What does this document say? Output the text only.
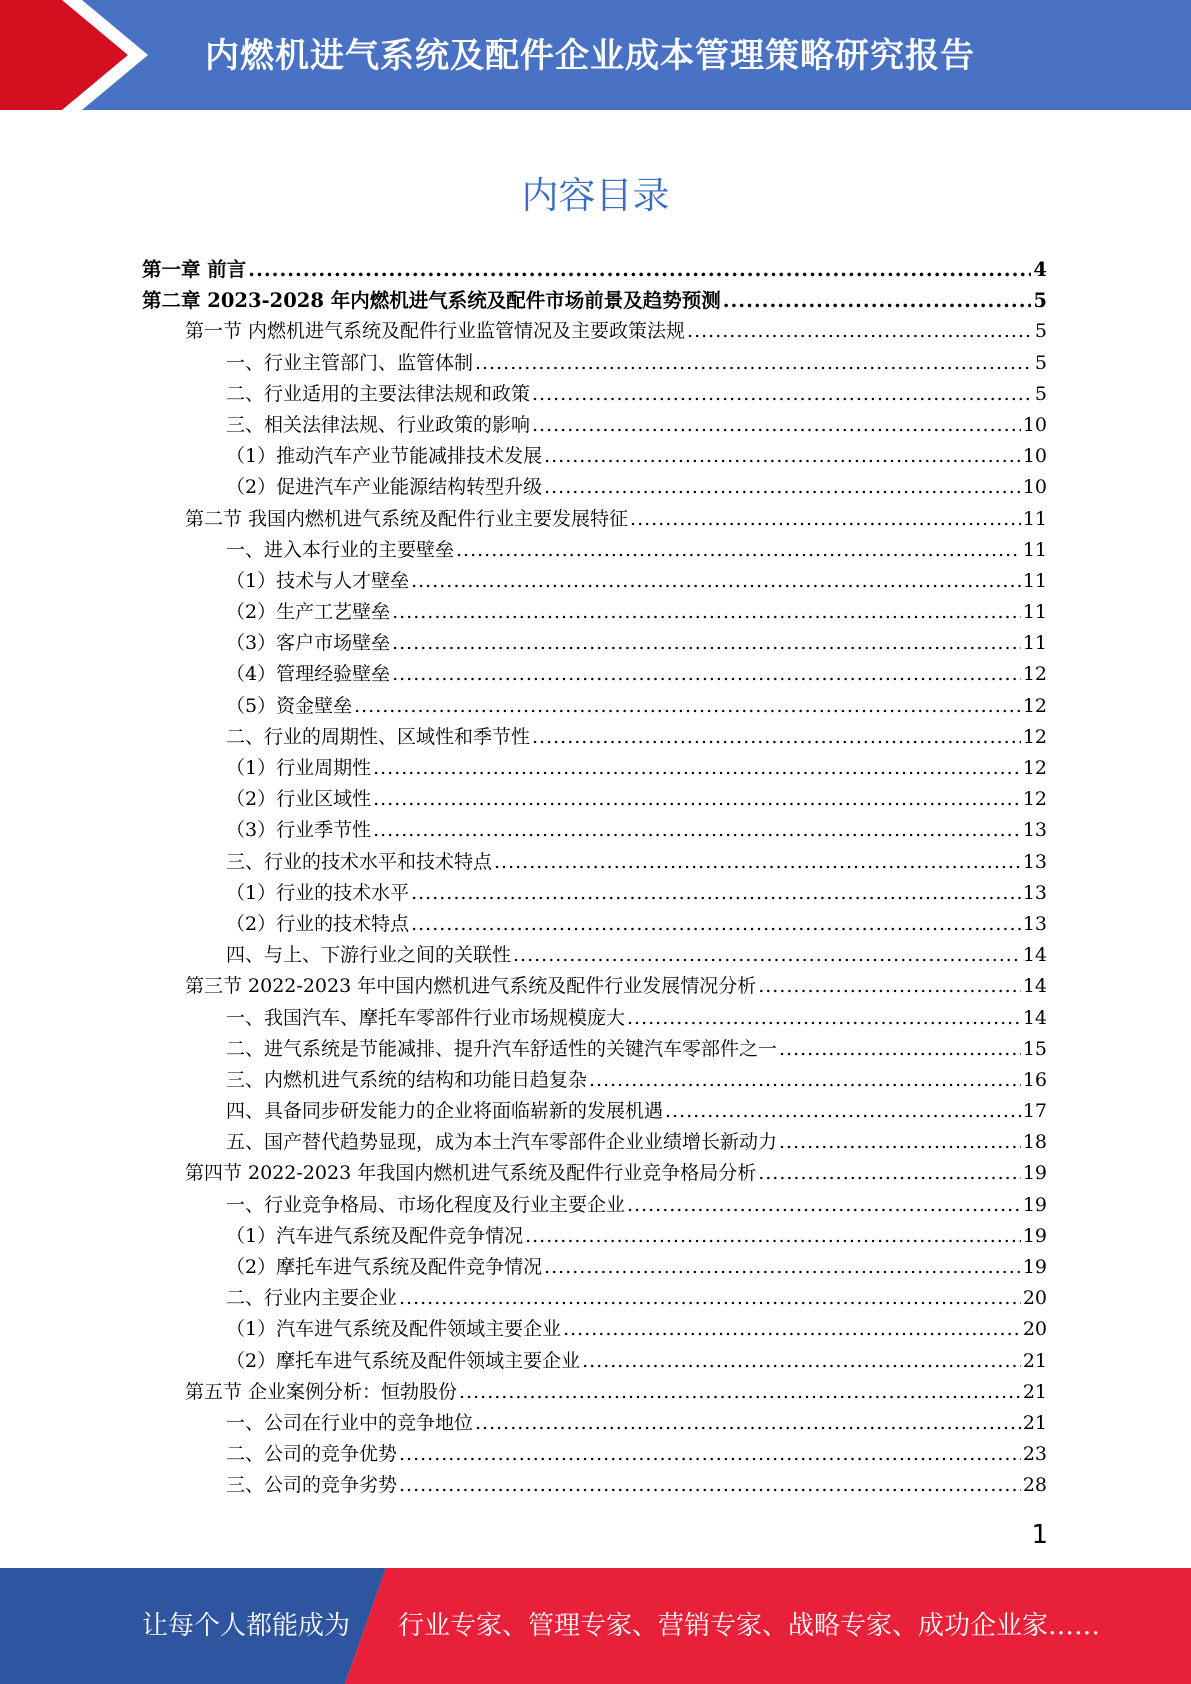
内燃机进气系统及配件企业成本管理策略研究报告
内容目录
第一章 前言 .....	4
第二章 2023-2028 年内燃机进气系统及配件市场前景及趋势预测 .....	5
第一节 内燃机进气系统及配件行业监管情况及主要政策法规 .....	5
一、行业主管部门、监管体制 .....	5
二、行业适用的主要法律法规和政策 .....	5
三、相关法律法规、行业政策的影响 .....	10
（1）推动汽车产业节能减排技术发展 .....	10
（2）促进汽车产业能源结构转型升级 .....	10
第二节 我国内燃机进气系统及配件行业主要发展特征 .....	11
一、进入本行业的主要壁垒 .....	11
（1）技术与人才壁垒 .....	11
（2）生产工艺壁垒 .....	11
（3）客户市场壁垒 .....	11
（4）管理经验壁垒 .....	12
（5）资金壁垒 .....	12
二、行业的周期性、区域性和季节性 .....	12
（1）行业周期性 .....	12
（2）行业区域性 .....	12
（3）行业季节性 .....	13
三、行业的技术水平和技术特点 .....	13
（1）行业的技术水平 .....	13
（2）行业的技术特点 .....	13
四、与上、下游行业之间的关联性 .....	14
第三节 2022-2023 年中国内燃机进气系统及配件行业发展情况分析 .....	14
一、我国汽车、摩托车零部件行业市场规模庞大 .....	14
二、进气系统是节能减排、提升汽车舒适性的关键汽车零部件之一 .....	15
三、内燃机进气系统的结构和功能日趋复杂 .....	16
四、具备同步研发能力的企业将面临崭新的发展机遇 .....	17
五、国产替代趋势显现，成为本土汽车零部件企业业绩增长新动力 .....	18
第四节 2022-2023 年我国内燃机进气系统及配件行业竞争格局分析 .....	19
一、行业竞争格局、市场化程度及行业主要企业 .....	19
（1）汽车进气系统及配件竞争情况 .....	19
（2）摩托车进气系统及配件竞争情况 .....	19
二、行业内主要企业 .....	20
（1）汽车进气系统及配件领域主要企业 .....	20
（2）摩托车进气系统及配件领域主要企业 .....	21
第五节 企业案例分析：恒勃股份 .....	21
一、公司在行业中的竞争地位 .....	21
二、公司的竞争优势 .....	23
三、公司的竞争劣势 .....	28
1
让每个人都能成为 行业专家、管理专家、营销专家、战略专家、成功企业家……
